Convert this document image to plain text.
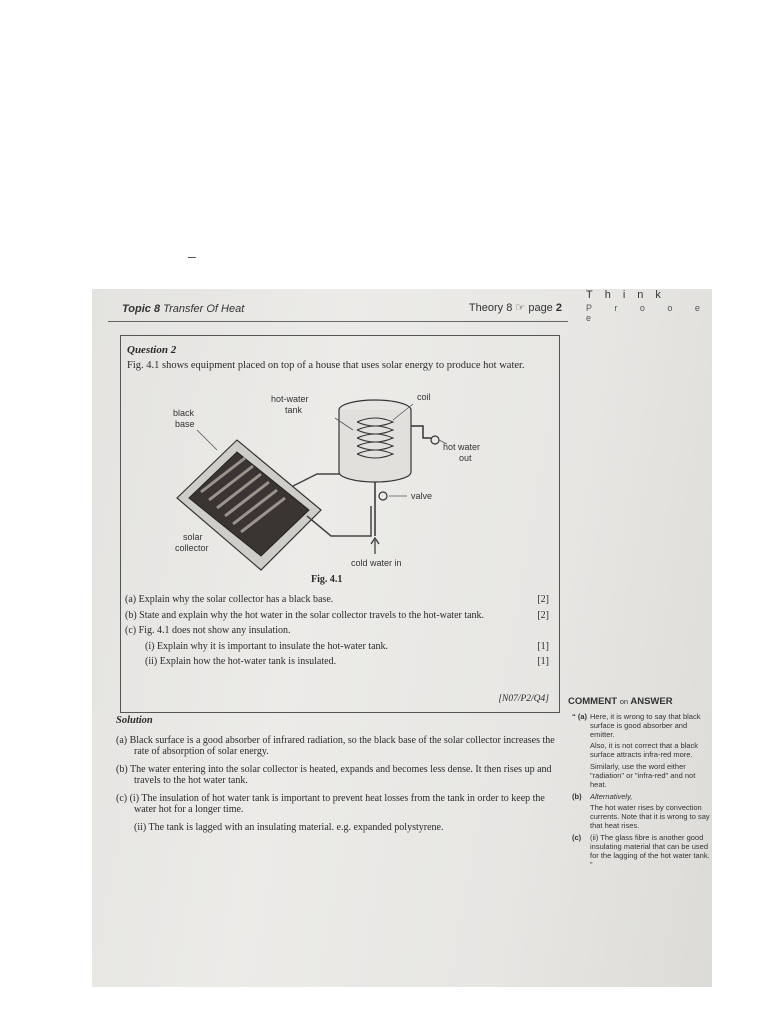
–
Topic 8 Transfer Of Heat	Theory 8 ☞ page 2
Think
P r o o e e
Question 2
Fig. 4.1 shows equipment placed on top of a house that uses solar energy to produce hot water.
black
base
hot-water
tank
coil
hot water
out
valve
solar
collector
cold water in
Fig. 4.1
(a) Explain why the solar collector has a black base.	[2]
(b) State and explain why the hot water in the solar collector travels to the hot-water tank.	[2]
(c) Fig. 4.1 does not show any insulation.
(i) Explain why it is important to insulate the hot-water tank.	[1]
(ii) Explain how the hot-water tank is insulated.	[1]
[N07/P2/Q4]
Solution
(a) Black surface is a good absorber of infrared radiation, so the black base of the solar collector increases the rate of absorption of solar energy.
(b) The water entering into the solar collector is heated, expands and becomes less dense. It then rises up and travels to the hot water tank.
(c) (i) The insulation of hot water tank is important to prevent heat losses from the tank in order to keep the water hot for a longer time.
(ii) The tank is lagged with an insulating material. e.g. expanded polystyrene.
COMMENT on ANSWER
“ (a) Here, it is wrong to say that black surface is good absorber and emitter.
Also, it is not correct that a black surface attracts infra-red more.
Similarly, use the word either "radiation" or "infra-red" and not heat.
(b) Alternatively,
The hot water rises by convection currents. Note that it is wrong to say that heat rises.
(c) (ii) The glass fibre is another good insulating material that can be used for the lagging of the hot water tank. ”
